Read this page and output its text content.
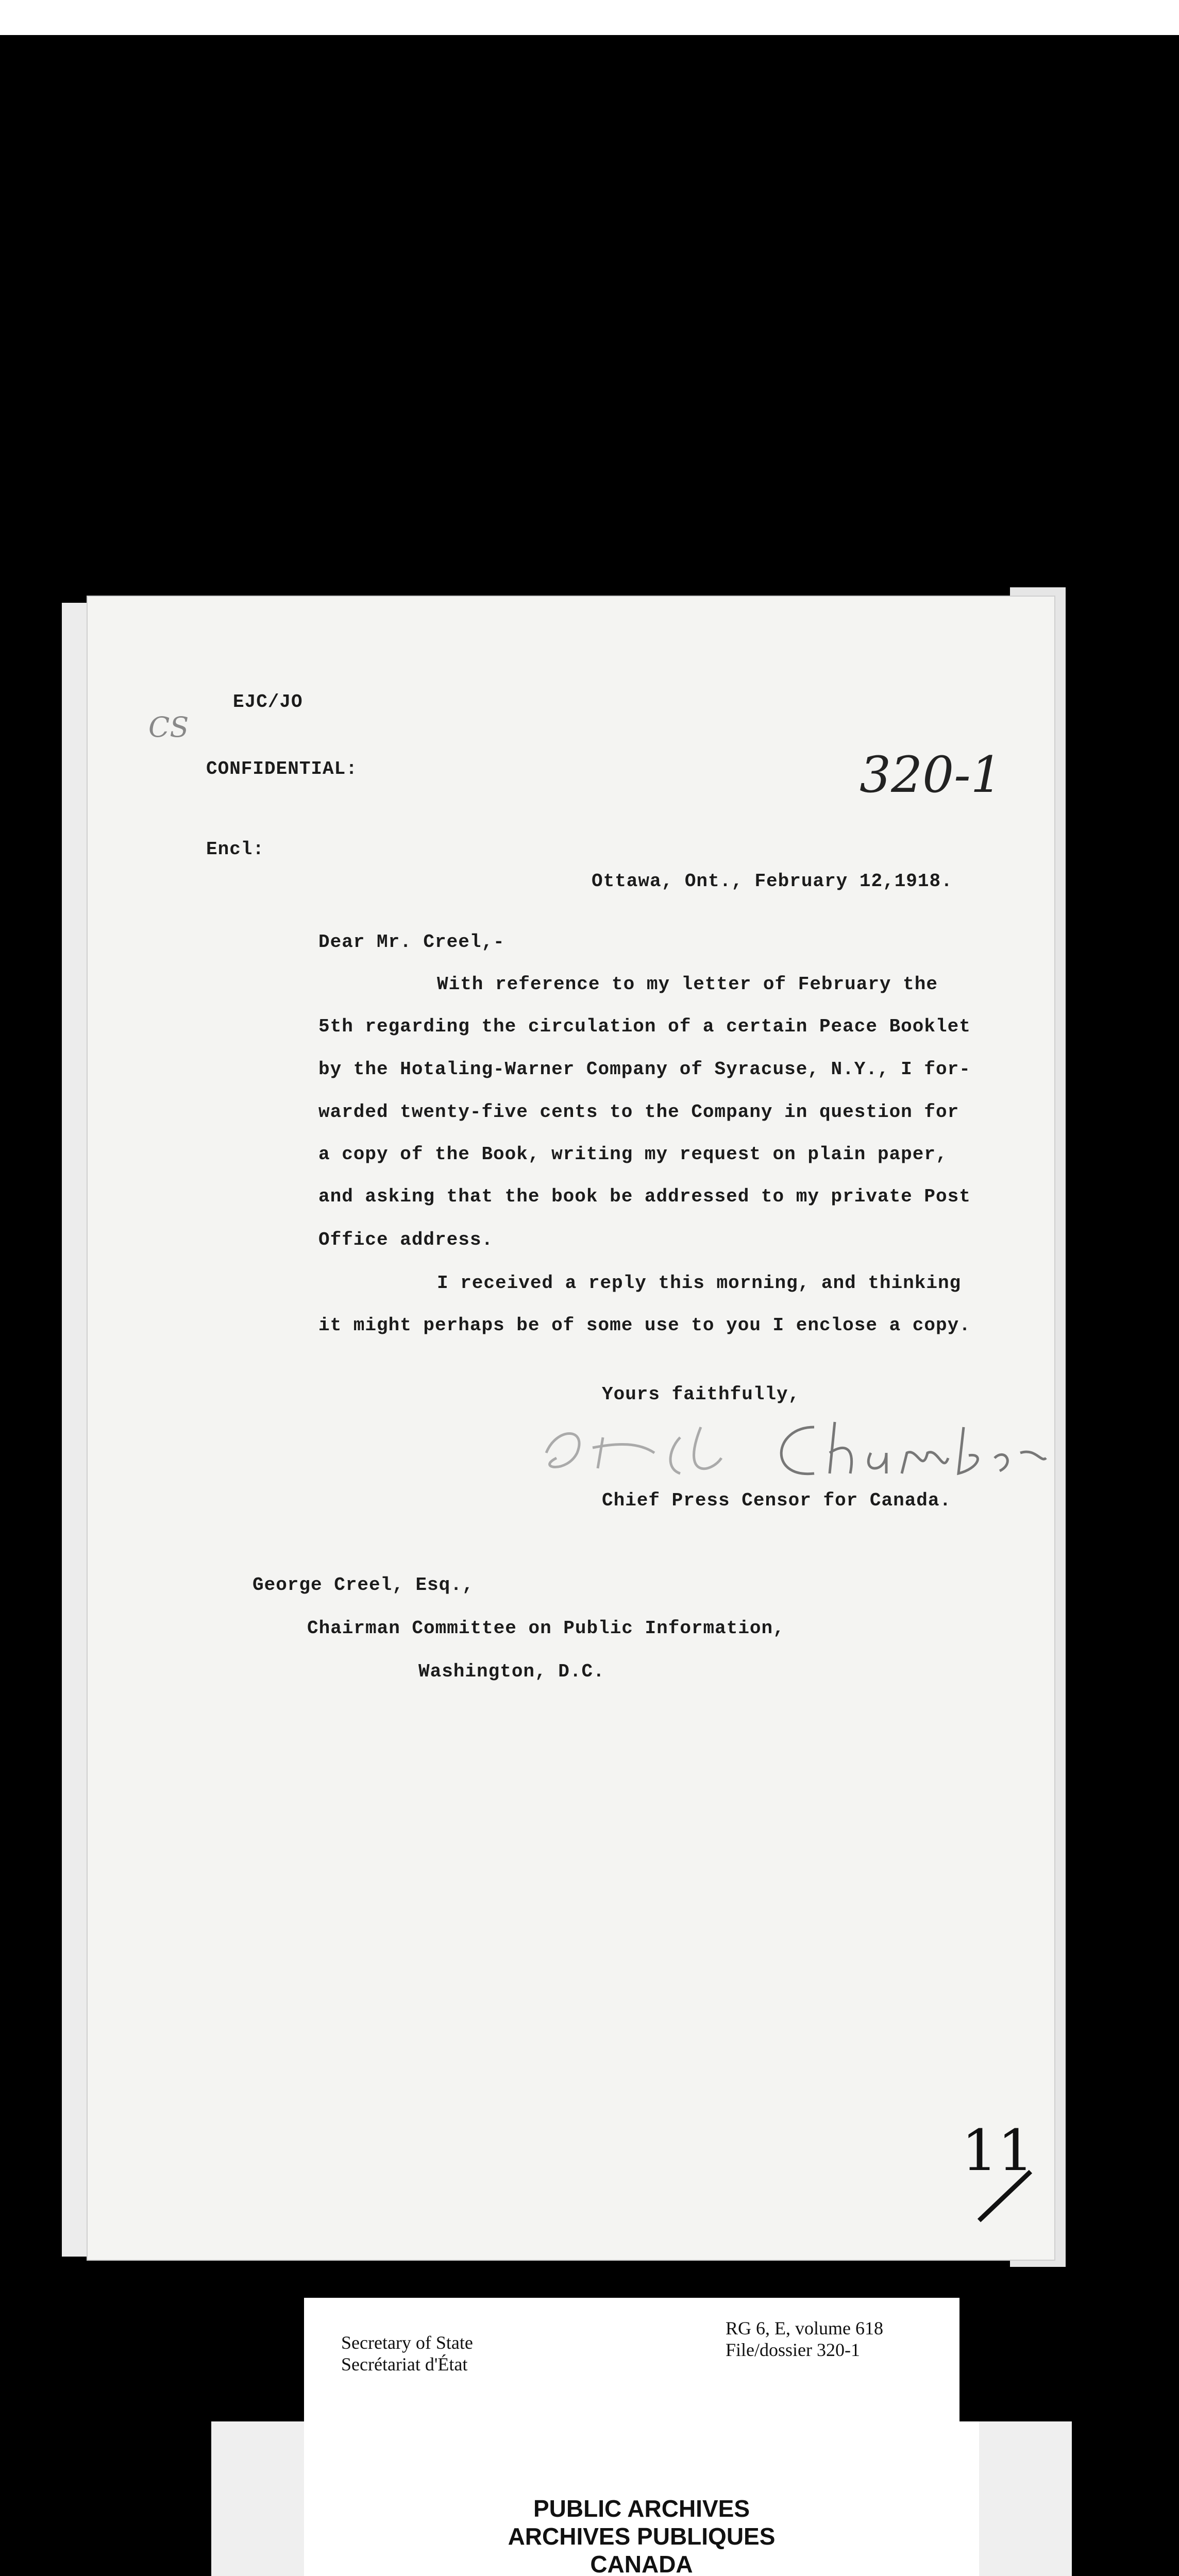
EJC/JO
CS
CONFIDENTIAL:	320-1
Encl:
Ottawa, Ont., February 12,1918.
Dear Mr. Creel,-
With reference to my letter of February the
5th regarding the circulation of a certain Peace Booklet
by the Hotaling-Warner Company of Syracuse, N.Y., I for-
warded twenty-five cents to the Company in question for
a copy of the Book, writing my request on plain paper,
and asking that the book be addressed to my private Post
Office address.
I received a reply this morning, and thinking
it might perhaps be of some use to you I enclose a copy.
Yours faithfully,
E. J. Chambers
Chief Press Censor for Canada.
George Creel, Esq.,
Chairman Committee on Public Information,
Washington, D.C.
11
PUBLIC ARCHIVES
ARCHIVES PUBLIQUES
CANADA
Secretary of State
Secrétariat d'État
RG 6, E, volume 618
File/dossier 320-1
